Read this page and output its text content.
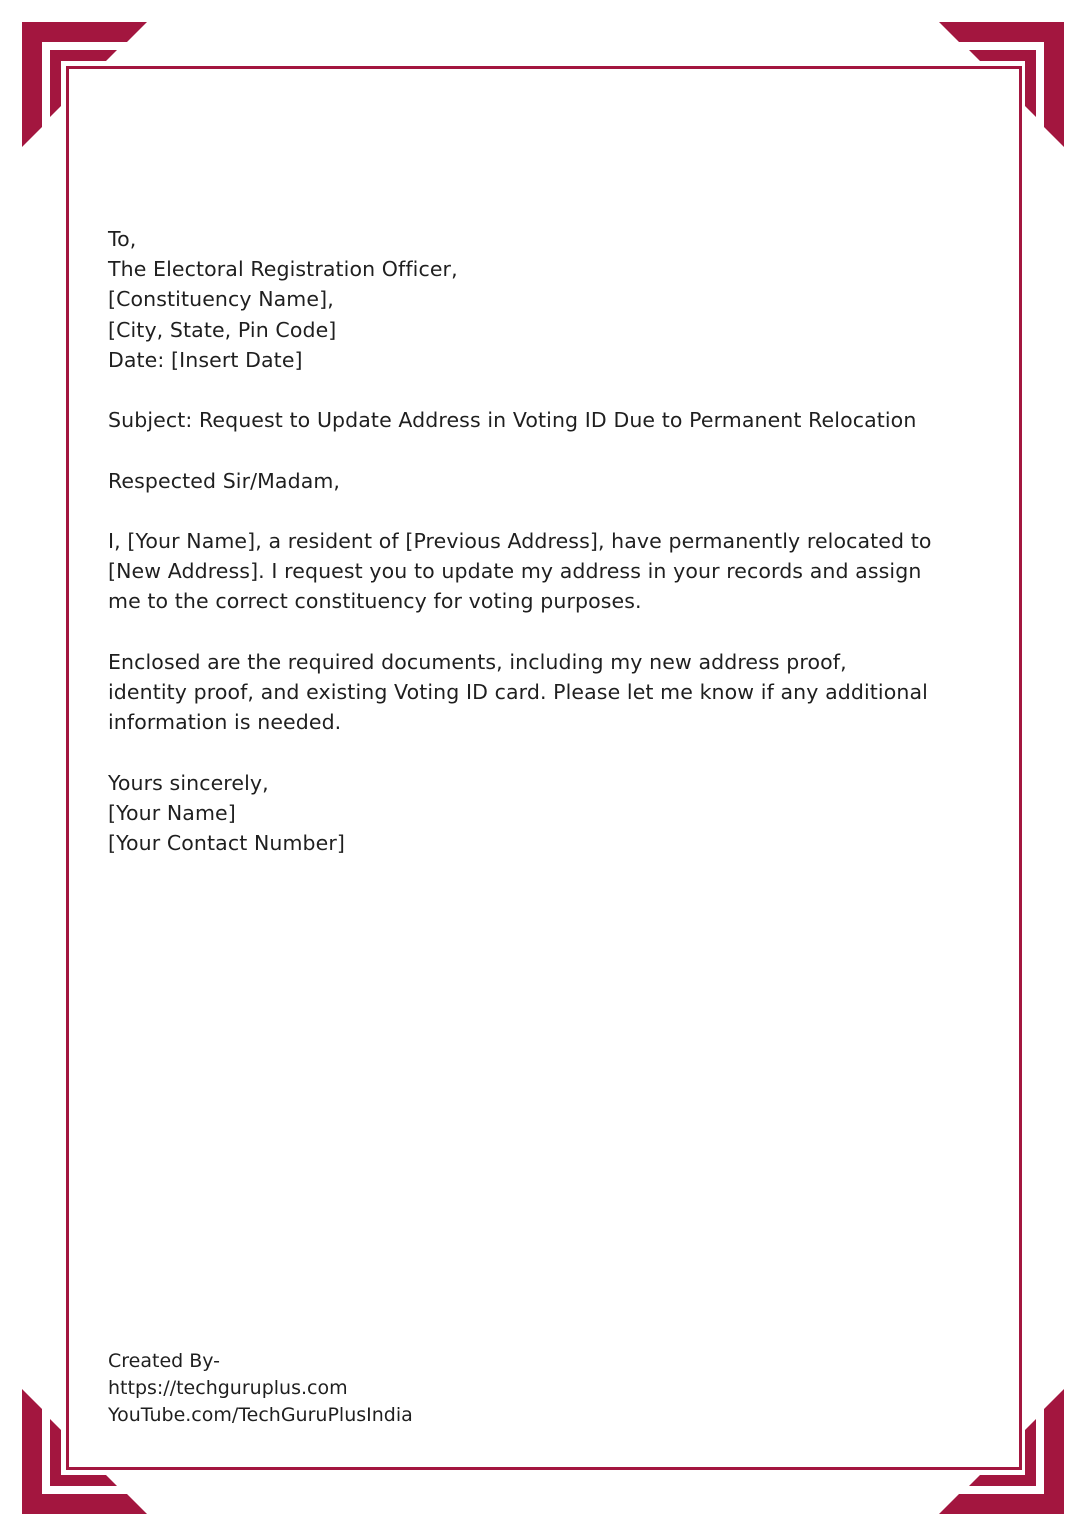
To,
The Electoral Registration Officer,
[Constituency Name],
[City, State, Pin Code]
Date: [Insert Date]
Subject: Request to Update Address in Voting ID Due to Permanent Relocation
Respected Sir/Madam,
I, [Your Name], a resident of [Previous Address], have permanently relocated to
[New Address]. I request you to update my address in your records and assign
me to the correct constituency for voting purposes.
Enclosed are the required documents, including my new address proof,
identity proof, and existing Voting ID card. Please let me know if any additional
information is needed.
Yours sincerely,
[Your Name]
[Your Contact Number]
Created By-
https://techguruplus.com
YouTube.com/TechGuruPlusIndia
